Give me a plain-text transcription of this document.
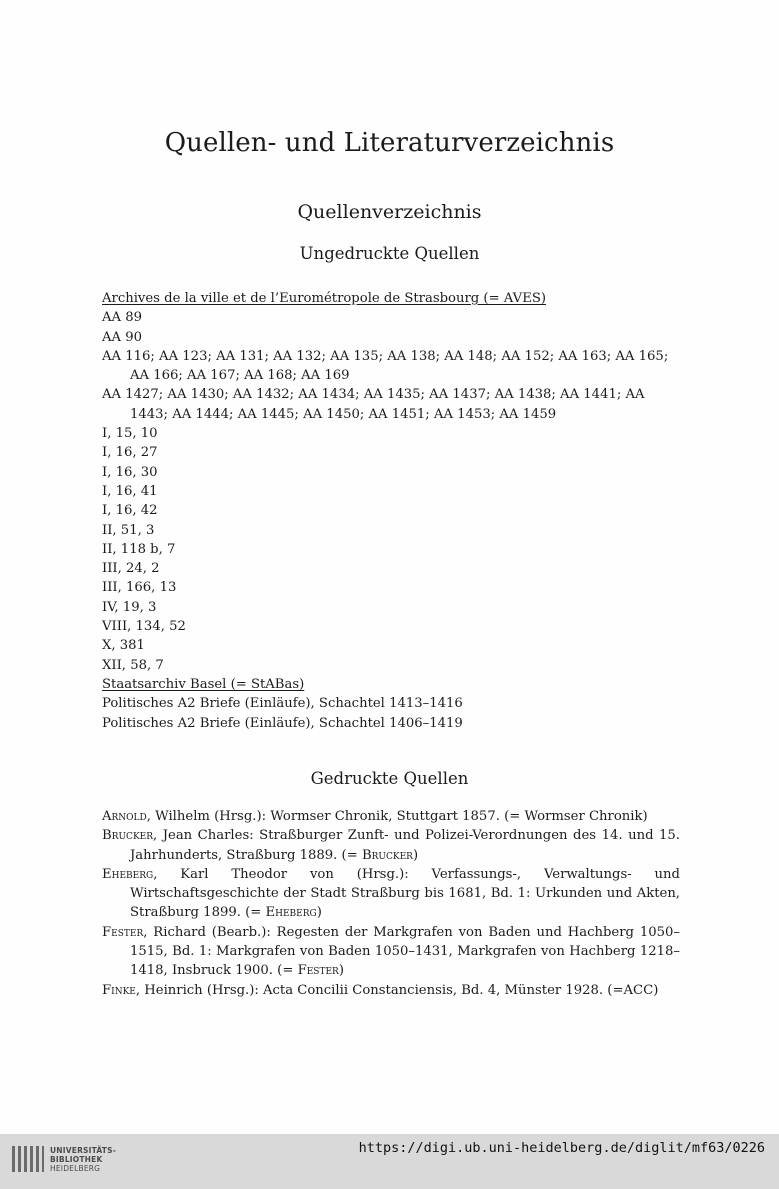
Quellen- und Literaturverzeichnis
Quellenverzeichnis
Ungedruckte Quellen
Archives de la ville et de l’Eurométropole de Strasbourg (= AVES)
AA 89
AA 90
AA 116; AA 123; AA 131; AA 132; AA 135; AA 138; AA 148; AA 152; AA 163; AA 165; AA 166; AA 167; AA 168; AA 169
AA 1427; AA 1430; AA 1432; AA 1434; AA 1435; AA 1437; AA 1438; AA 1441; AA 1443; AA 1444; AA 1445; AA 1450; AA 1451; AA 1453; AA 1459
I, 15, 10
I, 16, 27
I, 16, 30
I, 16, 41
I, 16, 42
II, 51, 3
II, 118 b, 7
III, 24, 2
III, 166, 13
IV, 19, 3
VIII, 134, 52
X, 381
XII, 58, 7
Staatsarchiv Basel (= StABas)
Politisches A2 Briefe (Einläufe), Schachtel 1413–1416
Politisches A2 Briefe (Einläufe), Schachtel 1406–1419
Gedruckte Quellen
Arnold, Wilhelm (Hrsg.): Wormser Chronik, Stuttgart 1857. (= Wormser Chronik)
Brucker, Jean Charles: Straßburger Zunft- und Polizei-Verordnungen des 14. und 15. Jahrhunderts, Straßburg 1889. (= Brucker)
Eheberg, Karl Theodor von (Hrsg.): Verfassungs-, Verwaltungs- und Wirtschaftsgeschichte der Stadt Straßburg bis 1681, Bd. 1: Urkunden und Akten, Straßburg 1899. (= Eheberg)
Fester, Richard (Bearb.): Regesten der Markgrafen von Baden und Hachberg 1050–1515, Bd. 1: Markgrafen von Baden 1050–1431, Markgrafen von Hachberg 1218–1418, Insbruck 1900. (= Fester)
Finke, Heinrich (Hrsg.): Acta Concilii Constanciensis, Bd. 4, Münster 1928. (=ACC)
UNIVERSITÄTS-
BIBLIOTHEK
HEIDELBERG
https://digi.ub.uni-heidelberg.de/diglit/mf63/0226
